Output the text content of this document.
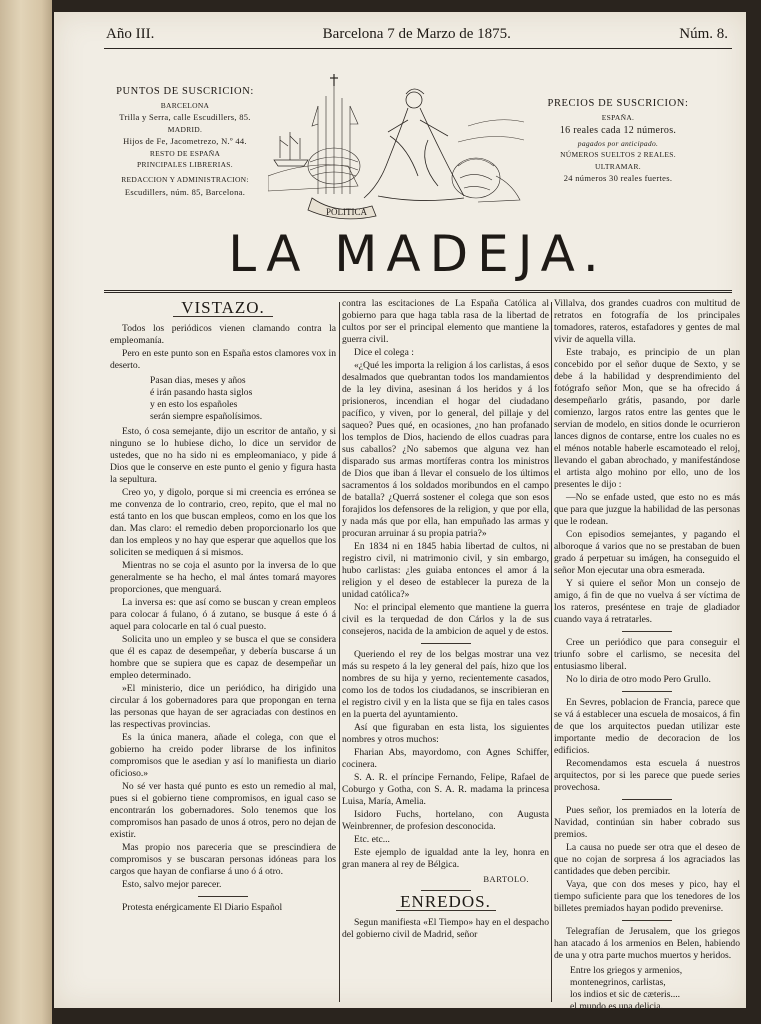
Año III.	Barcelona 7 de Marzo de 1875.	Núm. 8.
PUNTOS DE SUSCRICION:
BARCELONA
Trilla y Serra, calle Escudillers, 85.
MADRID.
Hijos de Fe, Jacometrezo, N.º 44.
RESTO DE ESPAÑA
PRINCIPALES LIBRERIAS.
REDACCION Y ADMINISTRACION:
Escudillers, núm. 85, Barcelona.
PRECIOS DE SUSCRICION:
ESPAÑA.
16 reales cada 12 números.
pagados por anticipado.
NÚMEROS SUELTOS 2 REALES.
ULTRAMAR.
24 números 30 reales fuertes.
POLITICA
LA MADEJA.

VISTAZO.

Todos los periódicos vienen clamando contra la empleomanía.

Pero en este punto son en España estos clamores vox in deserto.

Pasan dias, meses y años
é irán pasando hasta siglos
y en esto los españoles
serán siempre españolísimos.

Esto, ó cosa semejante, dijo un escritor de antaño, y si ninguno se lo hubiese dicho, lo dice un servidor de ustedes, que no ha sido ni es empleomaniaco, y pide á Dios que le conserve en este punto el genio y figura hasta la sepultura.

Creo yo, y digolo, porque si mi creencia es errónea se me convenza de lo contrario, creo, repito, que el mal no está tanto en los que buscan empleos, como en los que los dan. Mas claro: el remedio deben proporcionarlo los que dan los empleos y no hay que esperar que aquellos que los soliciten se mediquen á si mismos.

Mientras no se coja el asunto por la inversa de lo que generalmente se ha hecho, el mal ántes tomará mayores proporciones, que menguará.

La inversa es: que así como se buscan y crean empleos para colocar á fulano, ó á zutano, se busque á este ó á aquel para colocarle en tal ó cual puesto.

Solicita uno un empleo y se busca el que se considera que él es capaz de desempeñar, y debería buscarse á un hombre que se supiera que es capaz de desempeñar un empleo determinado.

»El ministerio, dice un periódico, ha dirigido una circular á los gobernadores para que propongan en terna las personas que hayan de ser agraciadas con destinos en las respectivas provincias.

Es la única manera, añade el colega, con que el gobierno ha creido poder librarse de los infinitos compromisos que le asedian y así lo manifiesta un diario oficioso.»

No sé ver hasta qué punto es esto un remedio al mal, pues si el gobierno tiene compromisos, en igual caso se encontrarán los gobernadores. Solo tenemos que los compromisos han pasado de unos á otros, pero no dejan de existir.

Mas propio nos pareceria que se prescindiera de compromisos y se buscaran personas idóneas para los cargos que hayan de confiarse á uno ó á otro.

Esto, salvo mejor parecer.

Protesta enérgicamente El Diario Español

contra las escitaciones de La España Católica al gobierno para que haga tabla rasa de la libertad de cultos por ser el principal elemento que mantiene la guerra civil.

Dice el colega :

«¿Qué les importa la religion á los carlistas, á esos desalmados que quebrantan todos los mandamientos de la ley divina, asesinan á los heridos y á los prisioneros, incendian el hogar del ciudadano pacífico, y viven, por lo general, del pillaje y del saqueo? Pues qué, en ocasiones, ¿no han profanado los templos de Dios, haciendo de ellos cuadras para sus caballos? ¿No sabemos que alguna vez han disparado sus armas mortíferas contra los ministros de Dios que iban á llevar el consuelo de los últimos sacramentos á los soldados moribundos en el campo de batalla? ¿Querrá sostener el colega que son esos forajidos los defensores de la religion, y que por ella, y nada más que por ella, han empuñado las armas y procuran arruinar á su propia patria?»

En 1834 ni en 1845 habia libertad de cultos, ni registro civil, ni matrimonio civil, y sin embargo, hubo carlistas: ¿les guiaba entonces el amor á la religion y el deseo de establecer la pureza de la unidad católica?»

No: el principal elemento que mantiene la guerra civil es la terquedad de don Cárlos y la de sus consejeros, nacida de la ambicion de aquel y de estos.

Queriendo el rey de los belgas mostrar una vez más su respeto á la ley general del país, hizo que los nombres de su hija y yerno, recientemente casados, como los de todos los ciudadanos, se inscribieran en el registro civil y en la lista que se fija en tales casos en la puerta del ayuntamiento.

Así que figuraban en esta lista, los siguientes nombres y otros muchos:

Fharian Abs, mayordomo, con Agnes Schiffer, cocinera.

S. A. R. el príncipe Fernando, Felipe, Rafael de Coburgo y Gotha, con S. A. R. madama la princesa Luisa, María, Amelia.

Isidoro Fuchs, hortelano, con Augusta Weinbrenner, de profesion desconocida.

Etc. etc...

Este ejemplo de igualdad ante la ley, honra en gran manera al rey de Bélgica.

BARTOLO.

ENREDOS.

Segun manifiesta «El Tiempo» hay en el despacho del gobierno civil de Madrid, señor

Villalva, dos grandes cuadros con multitud de retratos en fotografía de los principales tomadores, rateros, estafadores y gentes de mal vivir de aquella villa.

Este trabajo, es principio de un plan concebido por el señor duque de Sexto, y se debe á la habilidad y desprendimiento del fotógrafo señor Mon, que se ha ofrecido á desempeñarlo grátis, pasando, por darle comienzo, largos ratos entre las gentes que le servian de modelo, en sitios donde le ocurrieron lances dignos de contarse, entre los cuales no es el ménos notable haberle escamoteado el reloj, llevando el gaban abrochado, y manifestándose el artista algo mohino por ello, uno de los presentes le dijo :

—No se enfade usted, que esto no es más que para que juzgue la habilidad de las personas que le rodean.

Con episodios semejantes, y pagando el alboroque á varios que no se prestaban de buen grado á perpetuar su imágen, ha conseguido el señor Mon ejecutar una obra esmerada.

Y si quiere el señor Mon un consejo de amigo, á fin de que no vuelva á ser víctima de los rateros, preséntese en traje de gladiador cuando vaya á retratarles.

Cree un periódico que para conseguir el triunfo sobre el carlismo, se necesita del entusiasmo liberal.

No lo diria de otro modo Pero Grullo.

En Sevres, poblacion de Francia, parece que se vá á establecer una escuela de mosaicos, á fin de que los arquitectos puedan utilizar este importante medio de decoracion de los edificios.

Recomendamos esta escuela á nuestros arquitectos, por si les parece que puede series provechosa.

Pues señor, los premiados en la lotería de Navidad, continúan sin haber cobrado sus premios.

La causa no puede ser otra que el deseo de que no cojan de sorpresa á los agraciados las cantidades que deben percibir.

Vaya, que con dos meses y pico, hay el tiempo suficiente para que los tenedores de los billetes premiados hayan podido prevenirse.

Telegrafían de Jerusalem, que los griegos han atacado á los armenios en Belen, habiendo de una y otra parte muchos muertos y heridos.

Entre los griegos y armenios,
montenegrinos, carlistas,
los indios et sic de cæteris....
el mundo es una delicia.
